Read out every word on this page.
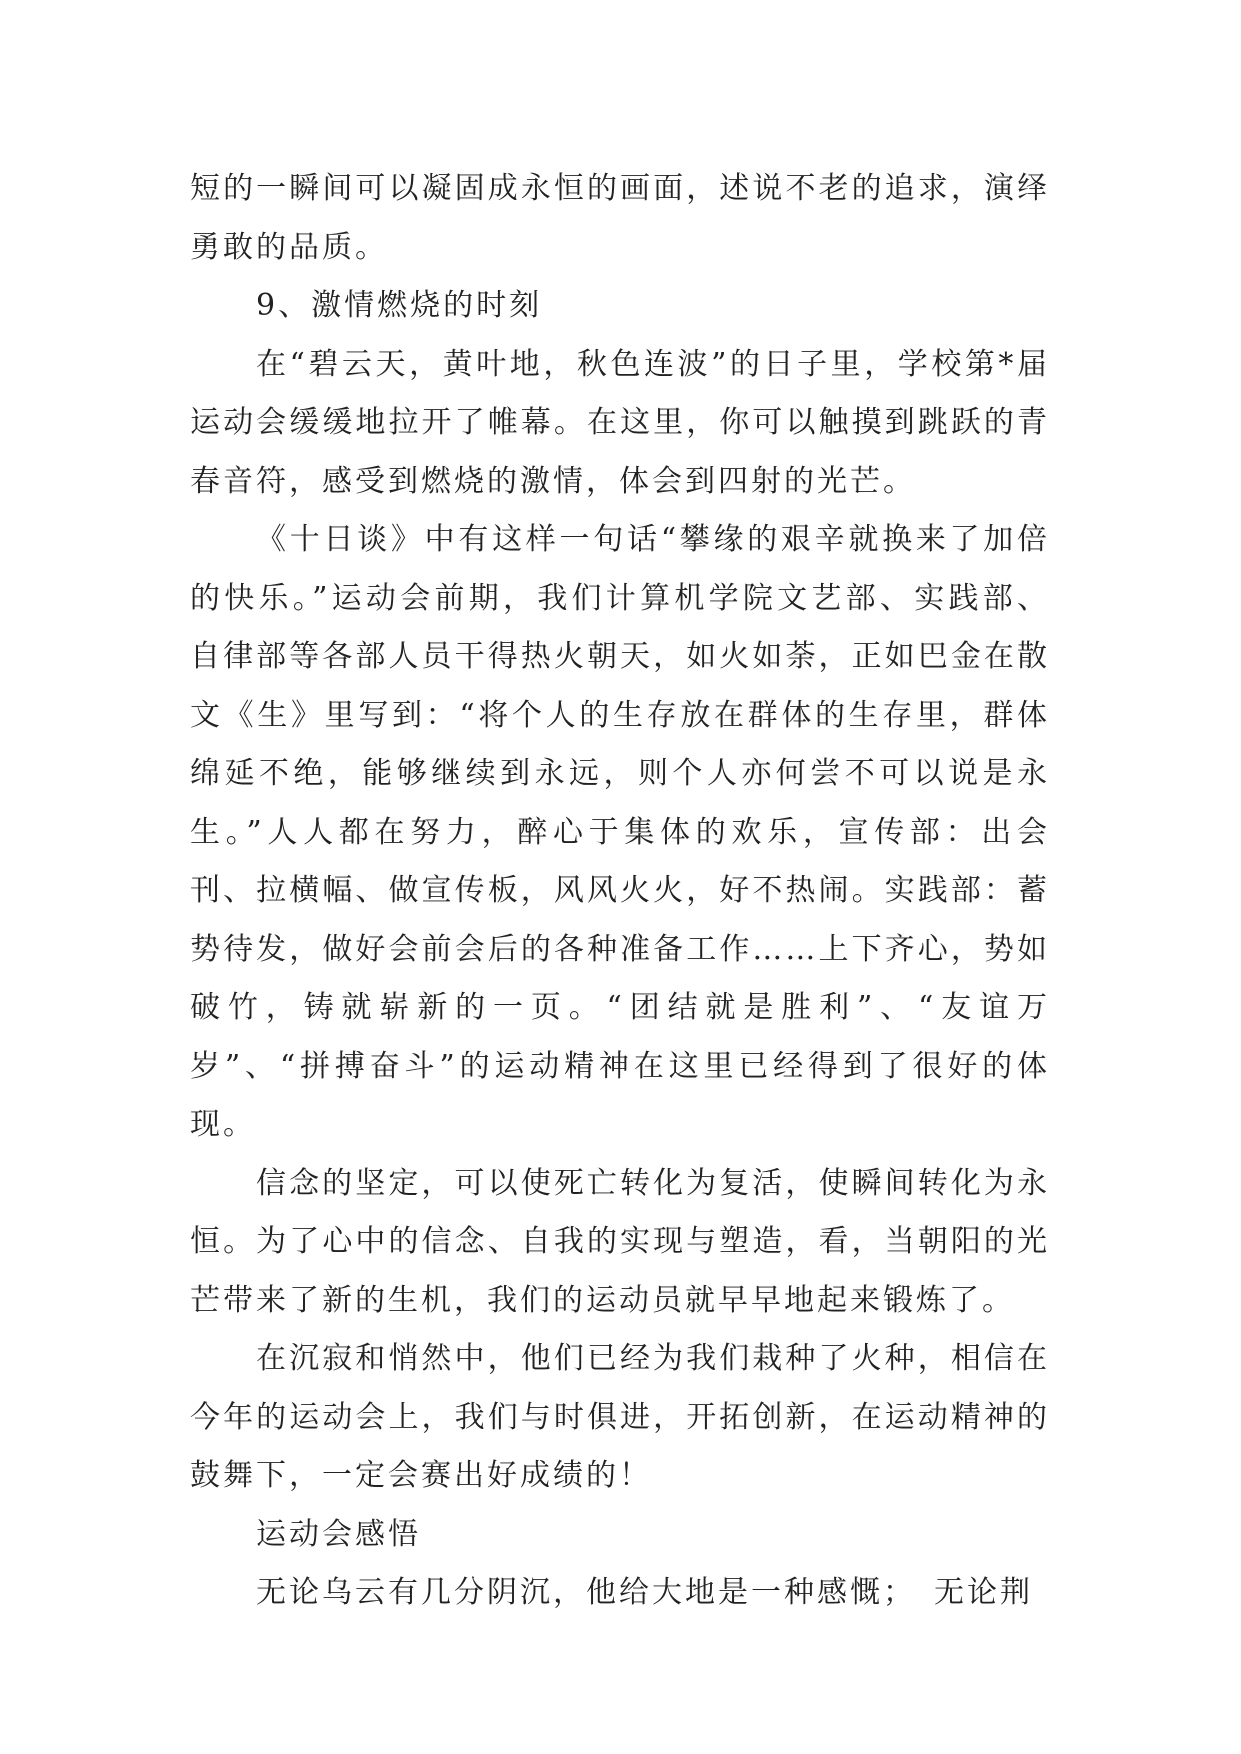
短的一瞬间可以凝固成永恒的画面，述说不老的追求，演绎勇敢的品质。

9、激情燃烧的时刻

在“碧云天，黄叶地，秋色连波”的日子里，学校第*届运动会缓缓地拉开了帷幕。在这里，你可以触摸到跳跃的青春音符，感受到燃烧的激情，体会到四射的光芒。

《十日谈》中有这样一句话“攀缘的艰辛就换来了加倍的快乐。”运动会前期，我们计算机学院文艺部、实践部、自律部等各部人员干得热火朝天，如火如荼，正如巴金在散文《生》里写到：“将个人的生存放在群体的生存里，群体绵延不绝，能够继续到永远，则个人亦何尝不可以说是永生。”人人都在努力，醉心于集体的欢乐，宣传部：出会刊、拉横幅、做宣传板，风风火火，好不热闹。实践部：蓄势待发，做好会前会后的各种准备工作……上下齐心，势如破竹，铸就崭新的一页。“团结就是胜利”、“友谊万岁”、“拼搏奋斗”的运动精神在这里已经得到了很好的体现。

信念的坚定，可以使死亡转化为复活，使瞬间转化为永恒。为了心中的信念、自我的实现与塑造，看，当朝阳的光芒带来了新的生机，我们的运动员就早早地起来锻炼了。

在沉寂和悄然中，他们已经为我们栽种了火种，相信在今年的运动会上，我们与时俱进，开拓创新，在运动精神的鼓舞下，一定会赛出好成绩的！

运动会感悟

无论乌云有几分阴沉，他给大地是一种感慨；　无论荆
